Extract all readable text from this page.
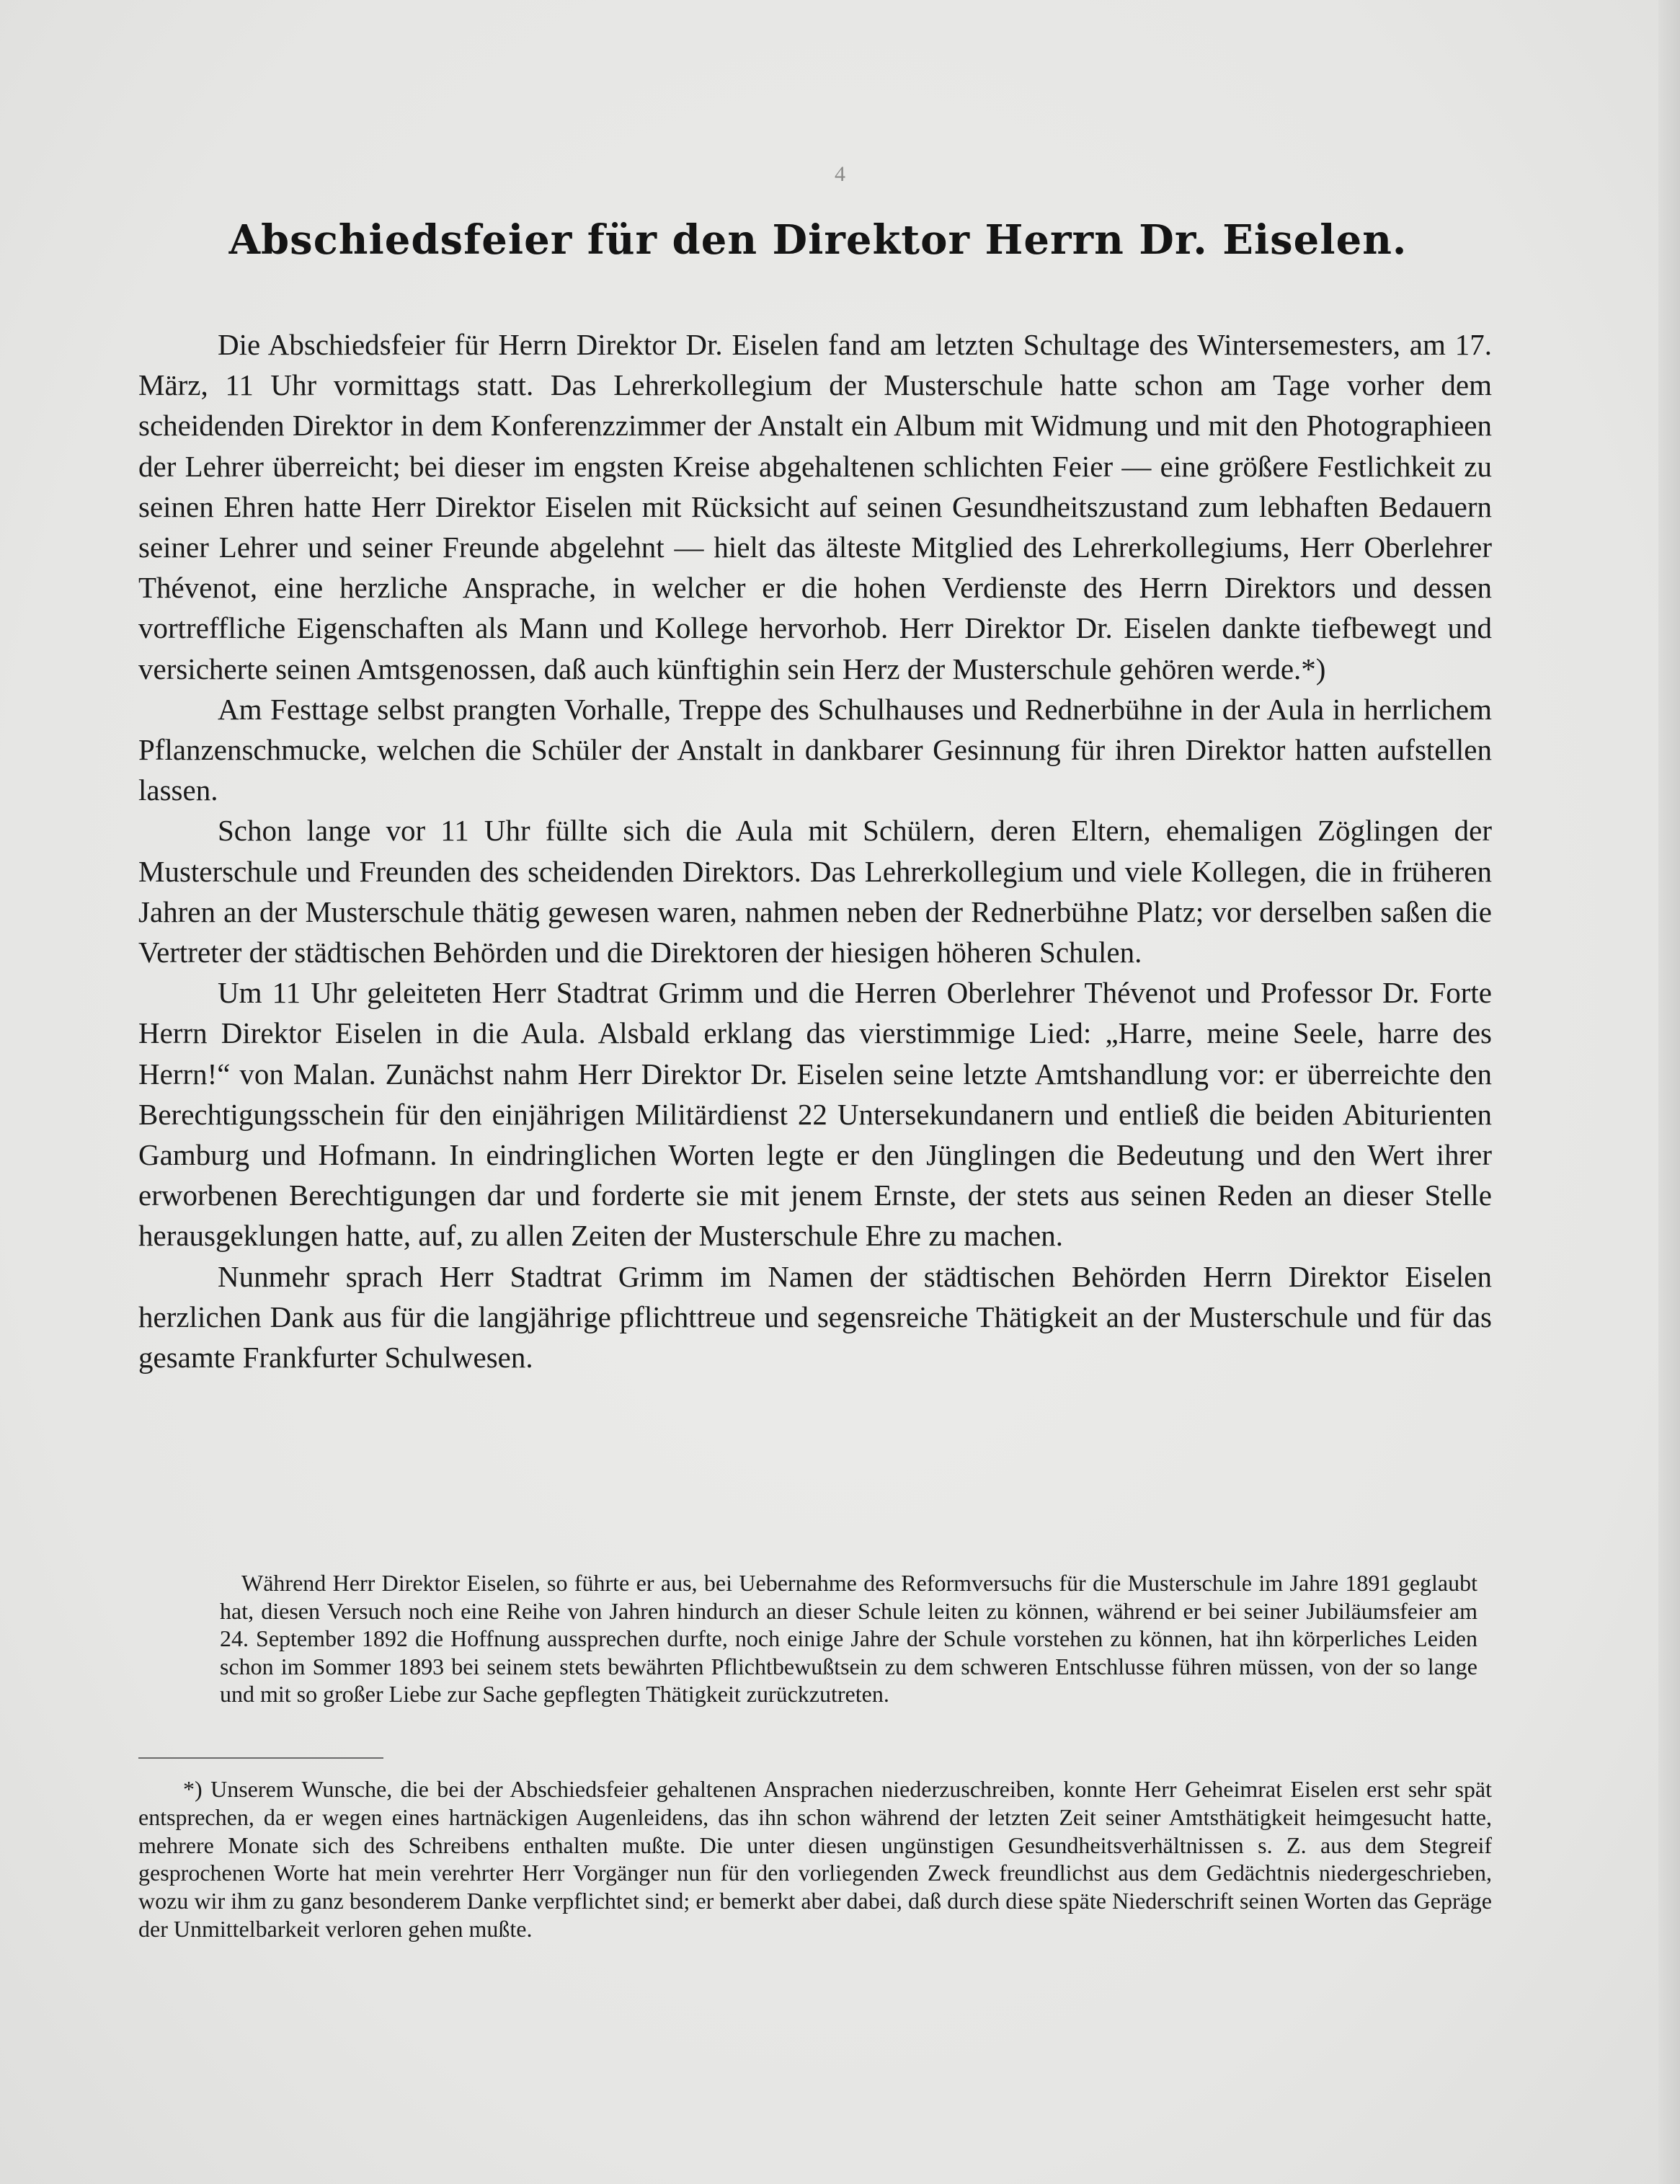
4
Abschiedsfeier für den Direktor Herrn Dr. Eiselen.

Die Abschiedsfeier für Herrn Direktor Dr. Eiselen fand am letzten Schultage des Wintersemesters, am 17. März, 11 Uhr vormittags statt. Das Lehrerkollegium der Musterschule hatte schon am Tage vorher dem scheidenden Direktor in dem Konferenzzimmer der Anstalt ein Album mit Widmung und mit den Photographieen der Lehrer überreicht; bei dieser im engsten Kreise abgehaltenen schlichten Feier — eine größere Festlichkeit zu seinen Ehren hatte Herr Direktor Eiselen mit Rücksicht auf seinen Gesundheitszustand zum lebhaften Bedauern seiner Lehrer und seiner Freunde abgelehnt — hielt das älteste Mitglied des Lehrerkollegiums, Herr Oberlehrer Thévenot, eine herzliche Ansprache, in welcher er die hohen Verdienste des Herrn Direktors und dessen vortreffliche Eigenschaften als Mann und Kollege hervorhob. Herr Direktor Dr. Eiselen dankte tiefbewegt und versicherte seinen Amtsgenossen, daß auch künftighin sein Herz der Musterschule gehören werde.*)

Am Festtage selbst prangten Vorhalle, Treppe des Schulhauses und Rednerbühne in der Aula in herrlichem Pflanzenschmucke, welchen die Schüler der Anstalt in dankbarer Gesinnung für ihren Direktor hatten aufstellen lassen.

Schon lange vor 11 Uhr füllte sich die Aula mit Schülern, deren Eltern, ehemaligen Zöglingen der Musterschule und Freunden des scheidenden Direktors. Das Lehrerkollegium und viele Kollegen, die in früheren Jahren an der Musterschule thätig gewesen waren, nahmen neben der Rednerbühne Platz; vor derselben saßen die Vertreter der städtischen Behörden und die Direktoren der hiesigen höheren Schulen.

Um 11 Uhr geleiteten Herr Stadtrat Grimm und die Herren Oberlehrer Thévenot und Professor Dr. Forte Herrn Direktor Eiselen in die Aula. Alsbald erklang das vierstimmige Lied: „Harre, meine Seele, harre des Herrn!“ von Malan. Zunächst nahm Herr Direktor Dr. Eiselen seine letzte Amtshandlung vor: er überreichte den Berechtigungsschein für den einjährigen Militärdienst 22 Untersekundanern und entließ die beiden Abiturienten Gamburg und Hofmann. In eindringlichen Worten legte er den Jünglingen die Bedeutung und den Wert ihrer erworbenen Berechtigungen dar und forderte sie mit jenem Ernste, der stets aus seinen Reden an dieser Stelle herausgeklungen hatte, auf, zu allen Zeiten der Musterschule Ehre zu machen.

Nunmehr sprach Herr Stadtrat Grimm im Namen der städtischen Behörden Herrn Direktor Eiselen herzlichen Dank aus für die langjährige pflichttreue und segensreiche Thätigkeit an der Musterschule und für das gesamte Frankfurter Schulwesen.

Während Herr Direktor Eiselen, so führte er aus, bei Uebernahme des Reformversuchs für die Musterschule im Jahre 1891 geglaubt hat, diesen Versuch noch eine Reihe von Jahren hindurch an dieser Schule leiten zu können, während er bei seiner Jubiläumsfeier am 24. September 1892 die Hoffnung aussprechen durfte, noch einige Jahre der Schule vorstehen zu können, hat ihn körperliches Leiden schon im Sommer 1893 bei seinem stets bewährten Pflichtbewußtsein zu dem schweren Entschlusse führen müssen, von der so lange und mit so großer Liebe zur Sache gepflegten Thätigkeit zurückzutreten.

*) Unserem Wunsche, die bei der Abschiedsfeier gehaltenen Ansprachen niederzuschreiben, konnte Herr Geheimrat Eiselen erst sehr spät entsprechen, da er wegen eines hartnäckigen Augenleidens, das ihn schon während der letzten Zeit seiner Amtsthätigkeit heimgesucht hatte, mehrere Monate sich des Schreibens enthalten mußte. Die unter diesen ungünstigen Gesundheitsverhältnissen s. Z. aus dem Stegreif gesprochenen Worte hat mein verehrter Herr Vorgänger nun für den vorliegenden Zweck freundlichst aus dem Gedächtnis niedergeschrieben, wozu wir ihm zu ganz besonderem Danke verpflichtet sind; er bemerkt aber dabei, daß durch diese späte Niederschrift seinen Worten das Gepräge der Unmittelbarkeit verloren gehen mußte.
